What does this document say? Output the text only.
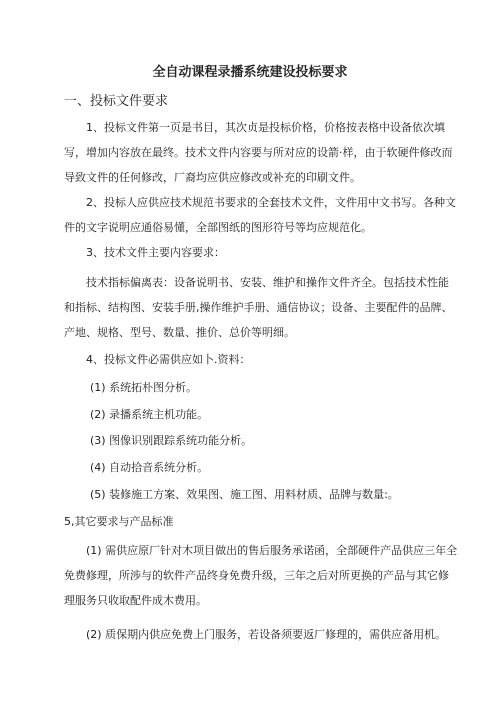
全自动课程录播系统建设投标要求
一、投标文件要求
1、投标文件第一页是书目，其次贞是投标价格，价格按表格中设备依次填写，增加内容放在最终。技术文件内容要与所对应的设箭·样，由于软硬件修改而导致文件的任何修改，厂裔均应供应修改或补充的印刷文件。
2、投标人应供应技术规范书要求的全套技术文件，文件用中文书写。各种文件的文字说明应通俗易懂，全部图纸的图形符号等均应规范化。
3、技术文件主要内容要求：
技术指标偏离表：设备说明书、安装、维护和操作文件齐全。包括技术性能和指标、结构图、安装手册,操作维护手册、通信协议；设备、主要配件的品牌、产地、规格、型号、数量、推价、总价等明细。
4、投标文件必需供应如卜.资料：
(1) 系统拓朴图分析。
(2) 录播系统主机功能。
(3) 图像识别跟踪系统功能分析。
(4) 自动拾音系统分析。
(5) 装修施工方案、效果图、施工图、用料材质、品牌与数量:。
5,其它要求与产品标准
(1) 需供应原厂针对木项目做出的售后服务承诺函，全部硬件产品供应三年全免费修理，所涉与的软件产品终身免费升级，三年之后对所更换的产品与其它修理服务只收取配件成木费用。
(2) 质保期内供应免费上门服务，若设备须要返厂修理的，需供应备用机。
